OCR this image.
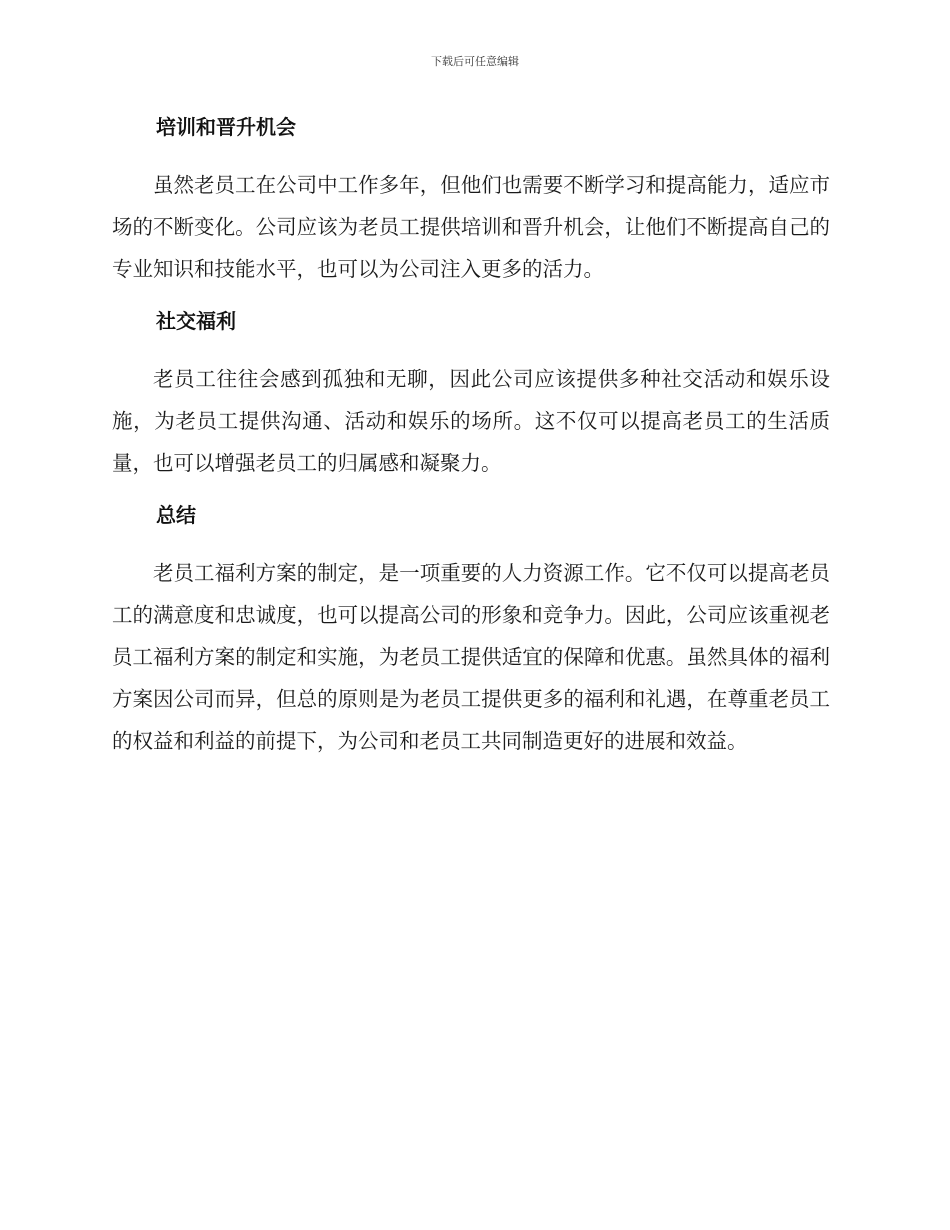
下载后可任意编辑
培训和晋升机会

虽然老员工在公司中工作多年，但他们也需要不断学习和提高能力，适应市场的不断变化。公司应该为老员工提供培训和晋升机会，让他们不断提高自己的专业知识和技能水平，也可以为公司注入更多的活力。

社交福利

老员工往往会感到孤独和无聊，因此公司应该提供多种社交活动和娱乐设施，为老员工提供沟通、活动和娱乐的场所。这不仅可以提高老员工的生活质量，也可以增强老员工的归属感和凝聚力。

总结

老员工福利方案的制定，是一项重要的人力资源工作。它不仅可以提高老员工的满意度和忠诚度，也可以提高公司的形象和竞争力。因此，公司应该重视老员工福利方案的制定和实施，为老员工提供适宜的保障和优惠。虽然具体的福利方案因公司而异，但总的原则是为老员工提供更多的福利和礼遇，在尊重老员工的权益和利益的前提下，为公司和老员工共同制造更好的进展和效益。
